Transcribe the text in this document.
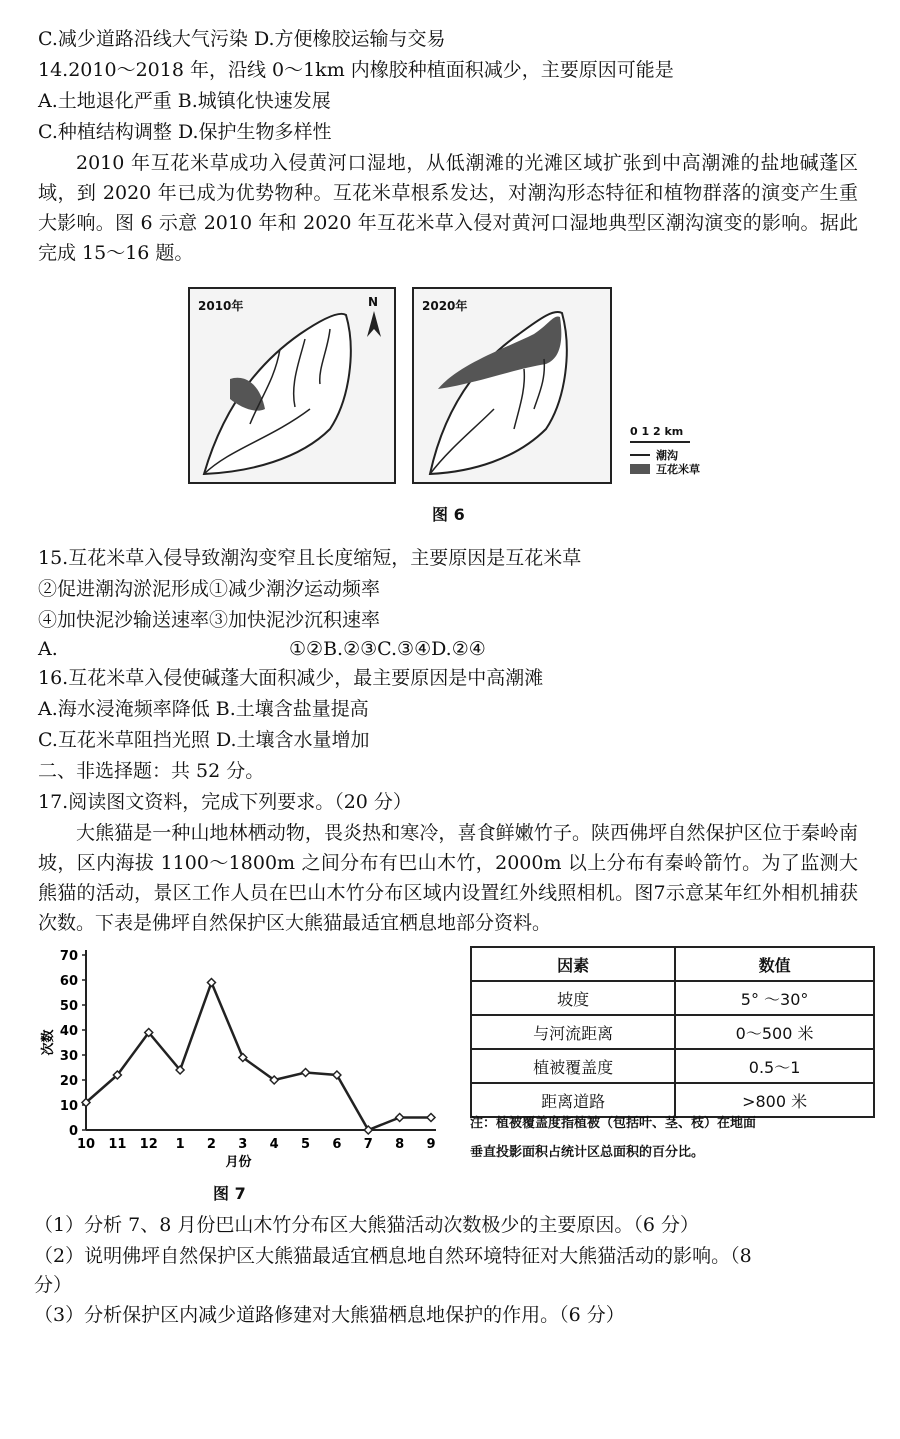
C.减少道路沿线大气污染 D.方便橡胶运输与交易
14.2010～2018 年，沿线 0～1km 内橡胶种植面积减少，主要原因可能是
A.土地退化严重 B.城镇化快速发展
C.种植结构调整 D.保护生物多样性
2010 年互花米草成功入侵黄河口湿地，从低潮滩的光滩区域扩张到中高潮滩的盐地碱蓬区域，到 2020 年已成为优势物种。互花米草根系发达，对潮沟形态特征和植物群落的演变产生重大影响。图 6 示意 2010 年和 2020 年互花米草入侵对黄河口湿地典型区潮沟演变的影响。据此完成 15～16 题。
2010年	N	2020年
0 1 2 km
潮沟
互花米草
图 6
15.互花米草入侵导致潮沟变窄且长度缩短，主要原因是互花米草
②促进潮沟淤泥形成①减少潮汐运动频率
④加快泥沙输送速率③加快泥沙沉积速率
A.	①②B.②③C.③④D.②④
16.互花米草入侵使碱蓬大面积减少，最主要原因是中高潮滩
A.海水浸淹频率降低 B.土壤含盐量提高
C.互花米草阻挡光照 D.土壤含水量增加
二、非选择题：共 52 分。
17.阅读图文资料，完成下列要求。（20 分）
大熊猫是一种山地林栖动物，畏炎热和寒冷，喜食鲜嫩竹子。陕西佛坪自然保护区位于秦岭南坡，区内海拔 1100～1800m 之间分布有巴山木竹，2000m 以上分布有秦岭箭竹。为了监测大熊猫的活动，景区工作人员在巴山木竹分布区域内设置红外线照相机。图7示意某年红外相机捕获次数。下表是佛坪自然保护区大熊猫最适宜栖息地部分资料。
0
10
20
30
40
50
60
70
10 11 12 1 2 3 4 5 6 7 8 9
月份
次数
图 7
因素	数值
坡度	5° ～30°
与河流距离	0～500 米
植被覆盖度	0.5～1
距离道路	>800 米
注：植被覆盖度指植被（包括叶、茎、枝）在地面
垂直投影面积占统计区总面积的百分比。
（1）分析 7、8 月份巴山木竹分布区大熊猫活动次数极少的主要原因。（6 分）
（2）说明佛坪自然保护区大熊猫最适宜栖息地自然环境特征对大熊猫活动的影响。（8
分）
（3）分析保护区内减少道路修建对大熊猫栖息地保护的作用。（6 分）
